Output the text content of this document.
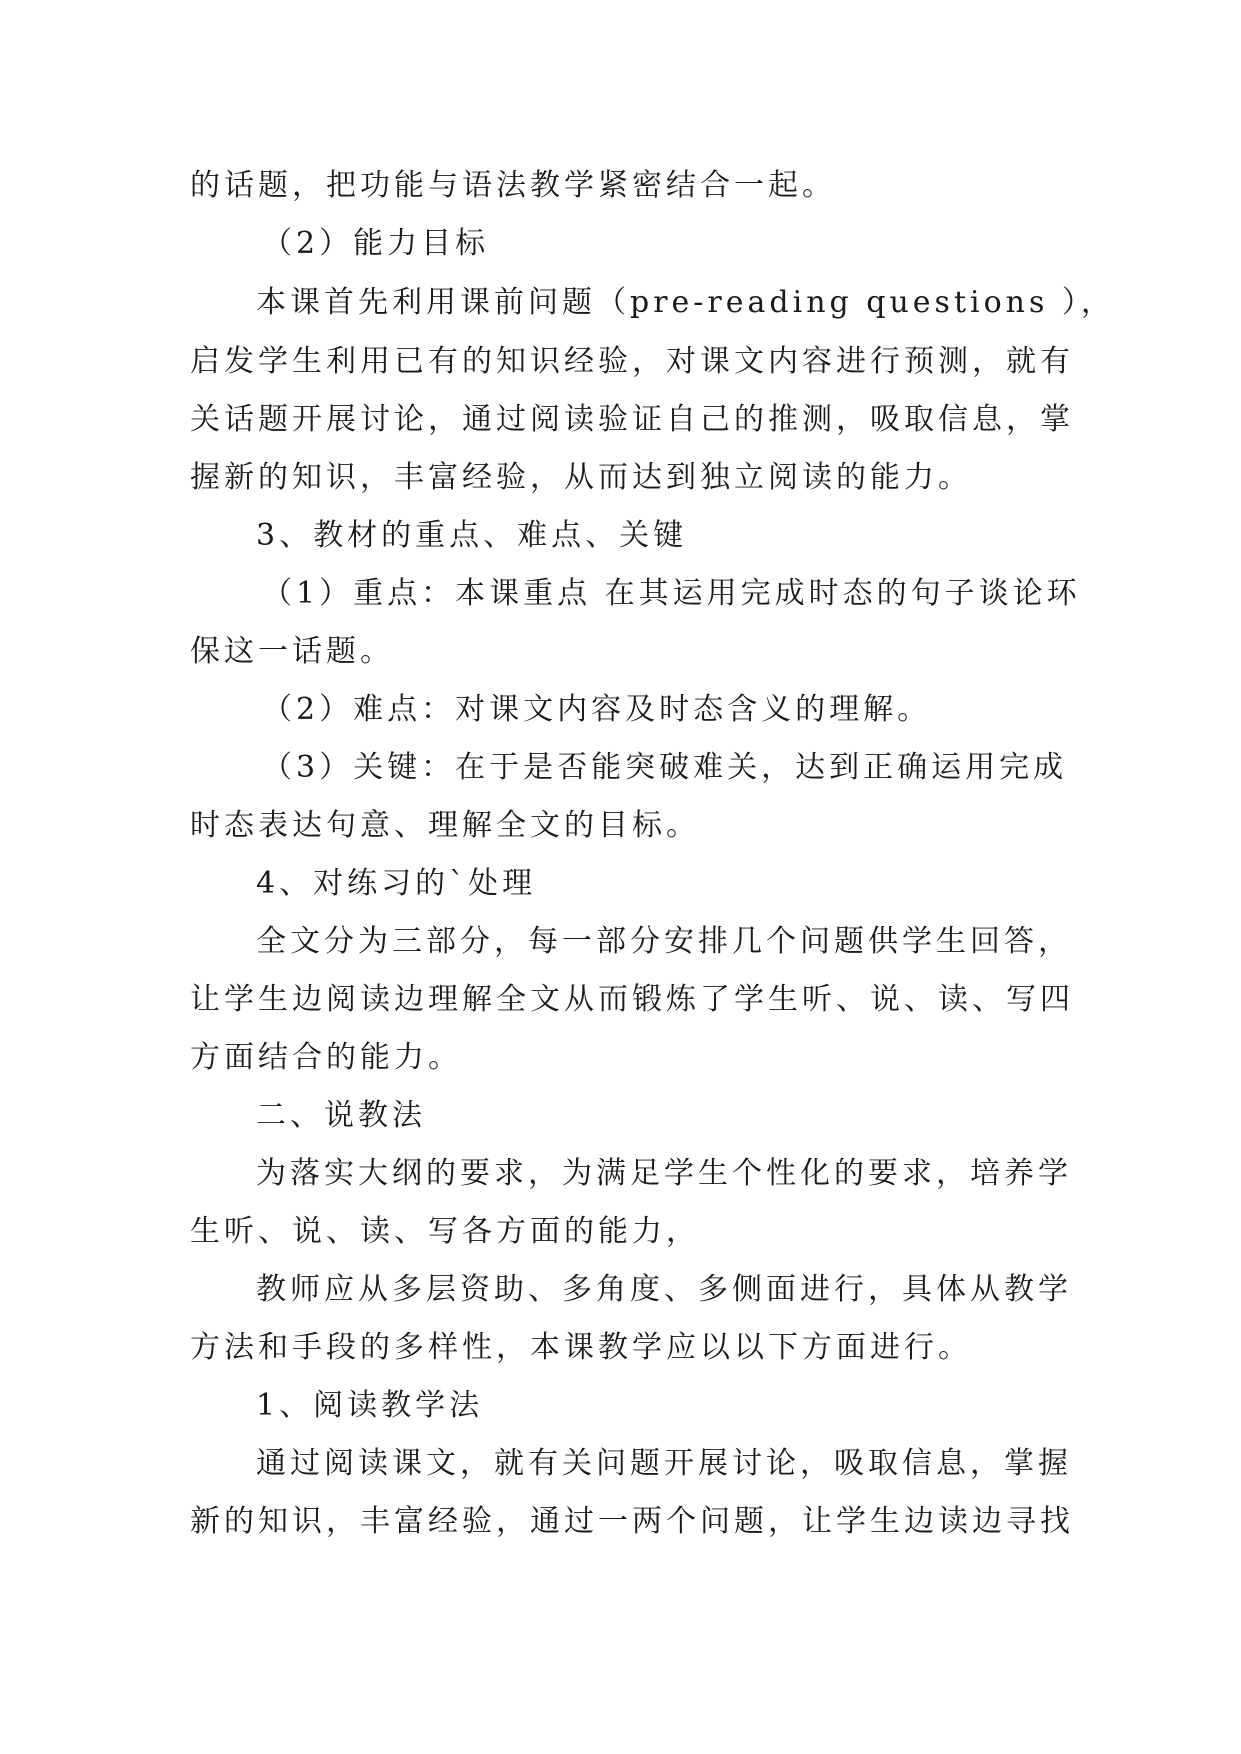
的话题，把功能与语法教学紧密结合一起。

（2）能力目标

本课首先利用课前问题（pre-reading questions ），

启发学生利用已有的知识经验，对课文内容进行预测，就有

关话题开展讨论，通过阅读验证自己的推测，吸取信息，掌

握新的知识，丰富经验，从而达到独立阅读的能力。

3、教材的重点、难点、关键

（1）重点：本课重点 在其运用完成时态的句子谈论环

保这一话题。

（2）难点：对课文内容及时态含义的理解。

（3）关键：在于是否能突破难关，达到正确运用完成

时态表达句意、理解全文的目标。

4、对练习的`处理

全文分为三部分，每一部分安排几个问题供学生回答，

让学生边阅读边理解全文从而锻炼了学生听、说、读、写四

方面结合的能力。

二、说教法

为落实大纲的要求，为满足学生个性化的要求，培养学

生听、说、读、写各方面的能力，

教师应从多层资助、多角度、多侧面进行，具体从教学

方法和手段的多样性，本课教学应以以下方面进行。

1、阅读教学法

通过阅读课文，就有关问题开展讨论，吸取信息，掌握

新的知识，丰富经验，通过一两个问题，让学生边读边寻找
